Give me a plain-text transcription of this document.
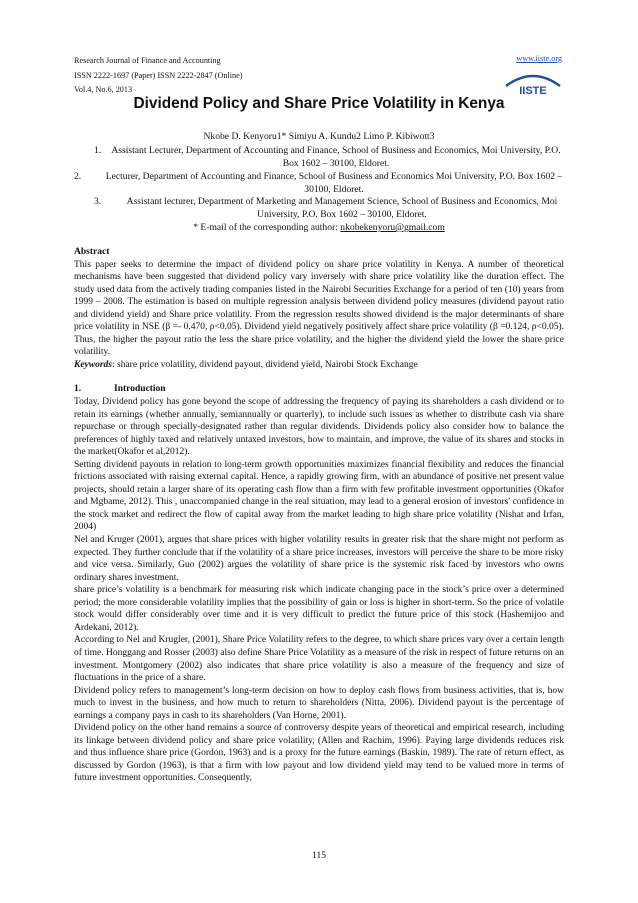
Research Journal of Finance and Accounting
ISSN 2222-1697 (Paper) ISSN 2222-2847 (Online)
Vol.4, No.6, 2013
www.iiste.org
IISTE
Dividend Policy and Share Price Volatility in Kenya
Nkobe D. Kenyoru1* Simiyu A. Kundu2 Limo P. Kibiwott3
1.	Assistant Lecturer, Department of Accounting and Finance, School of Business and Economics, Moi University, P.O. Box 1602 – 30100, Eldoret.
2.	Lecturer, Department of Accounting and Finance, School of Business and Economics Moi University, P.O. Box 1602 – 30100, Eldoret.
3.	Assistant lecturer, Department of Marketing and Management Science, School of Business and Economics, Moi University, P.O. Box 1602 – 30100, Eldoret.
* E-mail of the corresponding author: nkobekenyoru@gmail.com

Abstract

This paper seeks to determine the impact of dividend policy on share price volatility in Kenya. A number of theoretical mechanisms have been suggested that dividend policy vary inversely with share price volatility like the duration effect. The study used data from the actively trading companies listed in the Nairobi Securities Exchange for a period of ten (10) years from 1999 – 2008. The estimation is based on multiple regression analysis between dividend policy measures (dividend payout ratio and dividend yield) and Share price volatility. From the regression results showed dividend is the major determinants of share price volatility in NSE (β =- 0.470, ρ<0.05). Dividend yield negatively positively affect share price volatility (β =0.124, ρ<0.05). Thus, the higher the payout ratio the less the share price volatility, and the higher the dividend yield the lower the share price volatility.

Keywords: share price volatility, dividend payout, dividend yield, Nairobi Stock Exchange

1.	Introduction

Today, Dividend policy has gone beyond the scope of addressing the frequency of paying its shareholders a cash dividend or to retain its earnings (whether annually, semiannually or quarterly), to include such issues as whether to distribute cash via share repurchase or through specially-designated rather than regular dividends. Dividends policy also consider how to balance the preferences of highly taxed and relatively untaxed investors, how to maintain, and improve, the value of its shares and stocks in the market(Okafor et al,2012).

Setting dividend payouts in relation to long-term growth opportunities maximizes financial flexibility and reduces the financial frictions associated with raising external capital. Hence, a rapidly growing firm, with an abundance of positive net present value projects, should retain a larger share of its operating cash flow than a firm with few profitable investment opportunities (Okafor and Mgbame, 2012). This , unaccompanied change in the real situation, may lead to a general erosion of investors' confidence in the stock market and redirect the flow of capital away from the market leading to high share price volatility (Nishat and Irfan, 2004)

Nel and Kruger (2001), argues that share prices with higher volatility results in greater risk that the share might not perform as expected. They further conclude that if the volatility of a share price increases, investors will perceive the share to be more risky and vice versa. Similarly, Guo (2002) argues the volatility of share price is the systemic risk faced by investors who owns ordinary shares investment.

share price’s volatility is a benchmark for measuring risk which indicate changing pace in the stock’s price over a determined period; the more considerable volatility implies that the possibility of gain or loss is higher in short-term. So the price of volatile stock would differ considerably over time and it is very difficult to predict the future price of this stock (Hashemijoo and Ardekani, 2012).

According to Nel and Krugler, (2001), Share Price Volatility refers to the degree, to which share prices vary over a certain length of time. Honggang and Rosser (2003) also define Share Price Volatility as a measure of the risk in respect of future returns on an investment. Montgomery (2002) also indicates that share price volatility is also a measure of the frequency and size of fluctuations in the price of a share.

Dividend policy refers to management’s long-term decision on how to deploy cash flows from business activities, that is, how much to invest in the business, and how much to return to shareholders (Nitta, 2006). Dividend payout is the percentage of earnings a company pays in cash to its shareholders (Van Horne, 2001).

Dividend policy on the other hand remains a source of controversy despite years of theoretical and empirical research, including its linkage between dividend policy and share price volatility, (Allen and Rachim, 1996). Paying large dividends reduces risk and thus influence share price (Gordon, 1963) and is a proxy for the future earnings (Baskin, 1989). The rate of return effect, as discussed by Gordon (1963), is that a firm with low payout and low dividend yield may tend to be valued more in terms of future investment opportunities. Consequently,

115
